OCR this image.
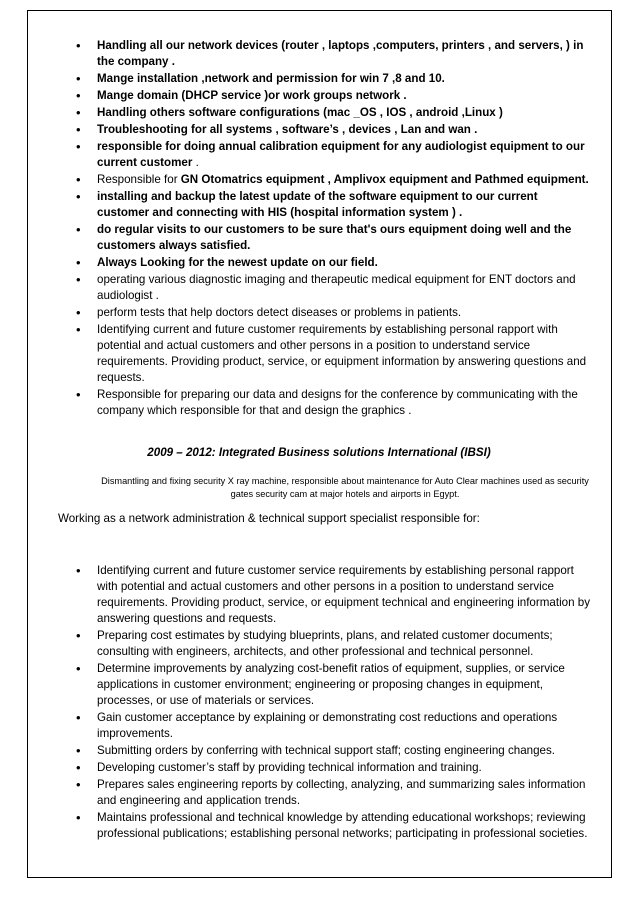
• Handling all our network devices (router , laptops ,computers, printers , and servers, ) in the company .
• Mange installation ,network and permission for win 7 ,8 and 10.
• Mange domain (DHCP service )or work groups network .
• Handling others software configurations (mac _OS , IOS , android ,Linux )
• Troubleshooting for all systems , software’s , devices , Lan and wan .
• responsible for doing annual calibration equipment for any audiologist equipment to our current customer .
• Responsible for GN Otomatrics equipment , Amplivox equipment and Pathmed equipment.
• installing and backup the latest update of the software equipment to our current customer and connecting with HIS (hospital information system ) .
• do regular visits to our customers to be sure that's ours equipment doing well and the customers always satisfied.
• Always Looking for the newest update on our field.
• operating various diagnostic imaging and therapeutic medical equipment for ENT doctors and audiologist .
• perform tests that help doctors detect diseases or problems in patients.
• Identifying current and future customer requirements by establishing personal rapport with potential and actual customers and other persons in a position to understand service requirements. Providing product, service, or equipment information by answering questions and requests.
• Responsible for preparing our data and designs for the conference by communicating with the company which responsible for that and design the graphics .
2009 – 2012: Integrated Business solutions International (IBSI)
Dismantling and fixing security X ray machine, responsible about maintenance for Auto Clear machines used as security gates security cam at major hotels and airports in Egypt.
Working as a network administration & technical support specialist responsible for:
• Identifying current and future customer service requirements by establishing personal rapport with potential and actual customers and other persons in a position to understand service requirements. Providing product, service, or equipment technical and engineering information by answering questions and requests.
• Preparing cost estimates by studying blueprints, plans, and related customer documents; consulting with engineers, architects, and other professional and technical personnel.
• Determine improvements by analyzing cost-benefit ratios of equipment, supplies, or service applications in customer environment; engineering or proposing changes in equipment, processes, or use of materials or services.
• Gain customer acceptance by explaining or demonstrating cost reductions and operations improvements.
• Submitting orders by conferring with technical support staff; costing engineering changes.
• Developing customer’s staff by providing technical information and training.
• Prepares sales engineering reports by collecting, analyzing, and summarizing sales information and engineering and application trends.
• Maintains professional and technical knowledge by attending educational workshops; reviewing professional publications; establishing personal networks; participating in professional societies.
